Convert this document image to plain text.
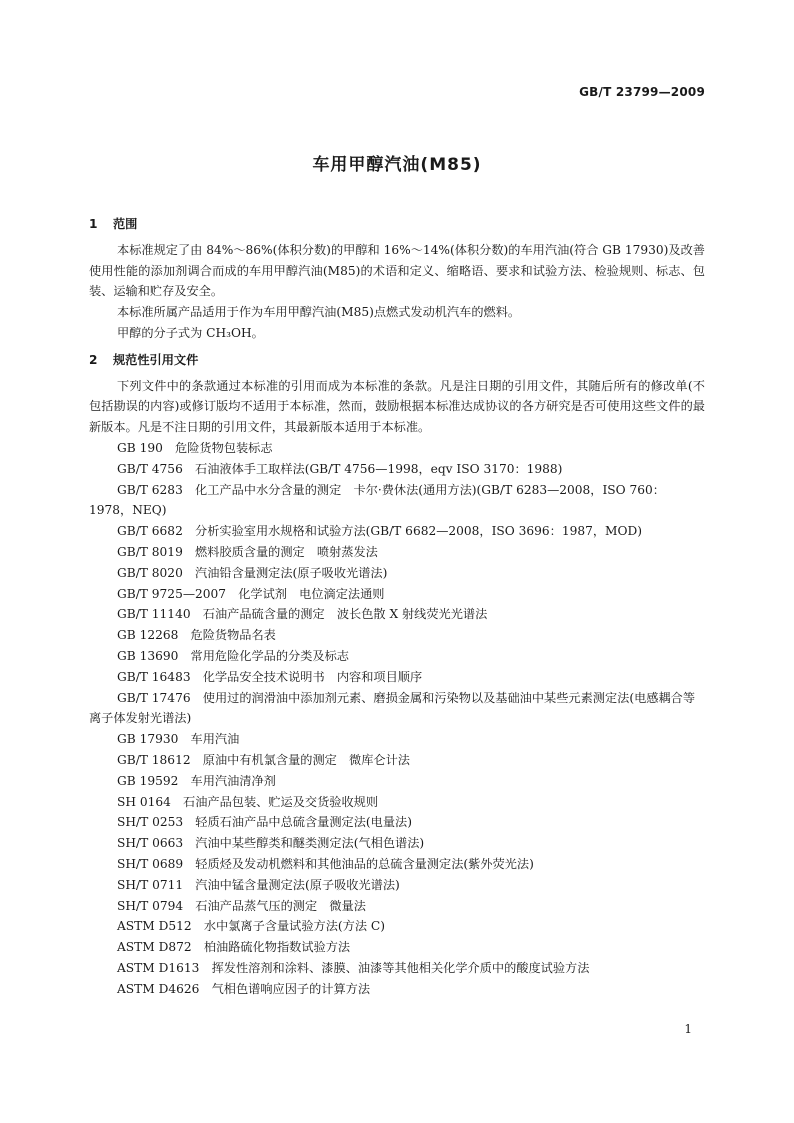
GB/T 23799—2009
车用甲醇汽油(M85)
1 范围
本标准规定了由 84%～86%(体积分数)的甲醇和 16%～14%(体积分数)的车用汽油(符合 GB 17930)及改善使用性能的添加剂调合而成的车用甲醇汽油(M85)的术语和定义、缩略语、要求和试验方法、检验规则、标志、包装、运输和贮存及安全。
本标准所属产品适用于作为车用甲醇汽油(M85)点燃式发动机汽车的燃料。
甲醇的分子式为 CH₃OH。
2 规范性引用文件
下列文件中的条款通过本标准的引用而成为本标准的条款。凡是注日期的引用文件，其随后所有的修改单(不包括勘误的内容)或修订版均不适用于本标准，然而，鼓励根据本标准达成协议的各方研究是否可使用这些文件的最新版本。凡是不注日期的引用文件，其最新版本适用于本标准。
GB 190　危险货物包装标志
GB/T 4756　石油液体手工取样法(GB/T 4756—1998，eqv ISO 3170：1988)
GB/T 6283　化工产品中水分含量的测定　卡尔·费休法(通用方法)(GB/T 6283—2008，ISO 760：1978，NEQ)
GB/T 6682　分析实验室用水规格和试验方法(GB/T 6682—2008，ISO 3696：1987，MOD)
GB/T 8019　燃料胶质含量的测定　喷射蒸发法
GB/T 8020　汽油铅含量测定法(原子吸收光谱法)
GB/T 9725—2007　化学试剂　电位滴定法通则
GB/T 11140　石油产品硫含量的测定　波长色散 X 射线荧光光谱法
GB 12268　危险货物品名表
GB 13690　常用危险化学品的分类及标志
GB/T 16483　化学品安全技术说明书　内容和项目顺序
GB/T 17476　使用过的润滑油中添加剂元素、磨损金属和污染物以及基础油中某些元素测定法(电感耦合等离子体发射光谱法)
GB 17930　车用汽油
GB/T 18612　原油中有机氯含量的测定　微库仑计法
GB 19592　车用汽油清净剂
SH 0164　石油产品包装、贮运及交货验收规则
SH/T 0253　轻质石油产品中总硫含量测定法(电量法)
SH/T 0663　汽油中某些醇类和醚类测定法(气相色谱法)
SH/T 0689　轻质烃及发动机燃料和其他油品的总硫含量测定法(紫外荧光法)
SH/T 0711　汽油中锰含量测定法(原子吸收光谱法)
SH/T 0794　石油产品蒸气压的测定　微量法
ASTM D512　水中氯离子含量试验方法(方法 C)
ASTM D872　柏油路硫化物指数试验方法
ASTM D1613　挥发性溶剂和涂料、漆膜、油漆等其他相关化学介质中的酸度试验方法
ASTM D4626　气相色谱响应因子的计算方法
1
